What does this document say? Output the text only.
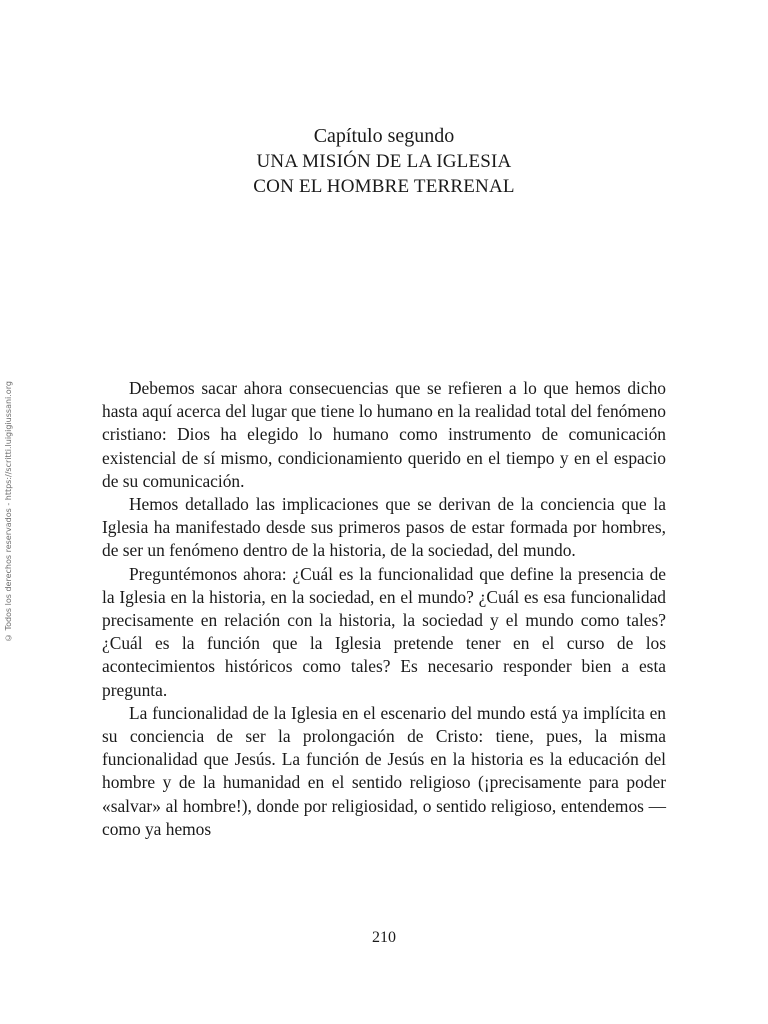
© Todos los derechos reservados - https://scritti.luigigiussani.org
Capítulo segundo
UNA MISIÓN DE LA IGLESIA
CON EL HOMBRE TERRENAL

Debemos sacar ahora consecuencias que se refieren a lo que hemos dicho hasta aquí acerca del lugar que tiene lo humano en la realidad total del fenómeno cristiano: Dios ha elegido lo humano como instrumento de comunicación existencial de sí mismo, condicionamiento querido en el tiempo y en el espacio de su comunicación.

Hemos detallado las implicaciones que se derivan de la conciencia que la Iglesia ha manifestado desde sus primeros pasos de estar formada por hombres, de ser un fenómeno dentro de la historia, de la sociedad, del mundo.

Preguntémonos ahora: ¿Cuál es la funcionalidad que define la presencia de la Iglesia en la historia, en la sociedad, en el mundo? ¿Cuál es esa funcionalidad precisamente en relación con la historia, la sociedad y el mundo como tales? ¿Cuál es la función que la Iglesia pretende tener en el curso de los acontecimientos históricos como tales? Es necesario responder bien a esta pregunta.

La funcionalidad de la Iglesia en el escenario del mundo está ya implícita en su conciencia de ser la prolongación de Cristo: tiene, pues, la misma funcionalidad que Jesús. La función de Jesús en la historia es la educación del hombre y de la humanidad en el sentido religioso (¡precisamente para poder «salvar» al hombre!), donde por religiosidad, o sentido religioso, entendemos —como ya hemos

210
